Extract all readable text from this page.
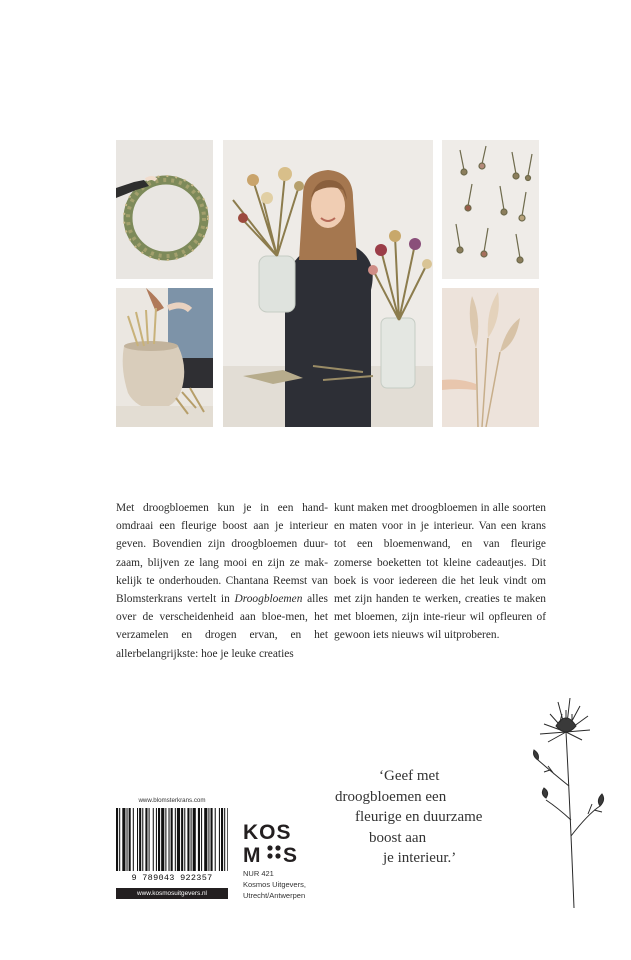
Met droogbloemen kun je in een hand-omdraai een fleurige boost aan je interieur geven. Bovendien zijn droogbloemen duur-zaam, blijven ze lang mooi en zijn ze mak-kelijk te onderhouden. Chantana Reemst van Blomsterkrans vertelt in Droogbloemen alles over de verscheidenheid aan bloe-men, het verzamelen en drogen ervan, en het allerbelangrijkste: hoe je leuke creaties
kunt maken met droogbloemen in alle soorten en maten voor in je interieur. Van een krans tot een bloemenwand, en van fleurige zomerse boeketten tot kleine cadeautjes. Dit boek is voor iedereen die het leuk vindt om met zijn handen te werken, creaties te maken met bloemen, zijn inte-rieur wil opfleuren of gewoon iets nieuws wil uitproberen.
‘Geef met
droogbloemen een
fleurige en duurzame
boost aan
je interieur.’
www.blomsterkrans.com
9 789043 922357
www.kosmosuitgevers.nl
KOS
M S
NUR 421
Kosmos Uitgevers,
Utrecht/Antwerpen
